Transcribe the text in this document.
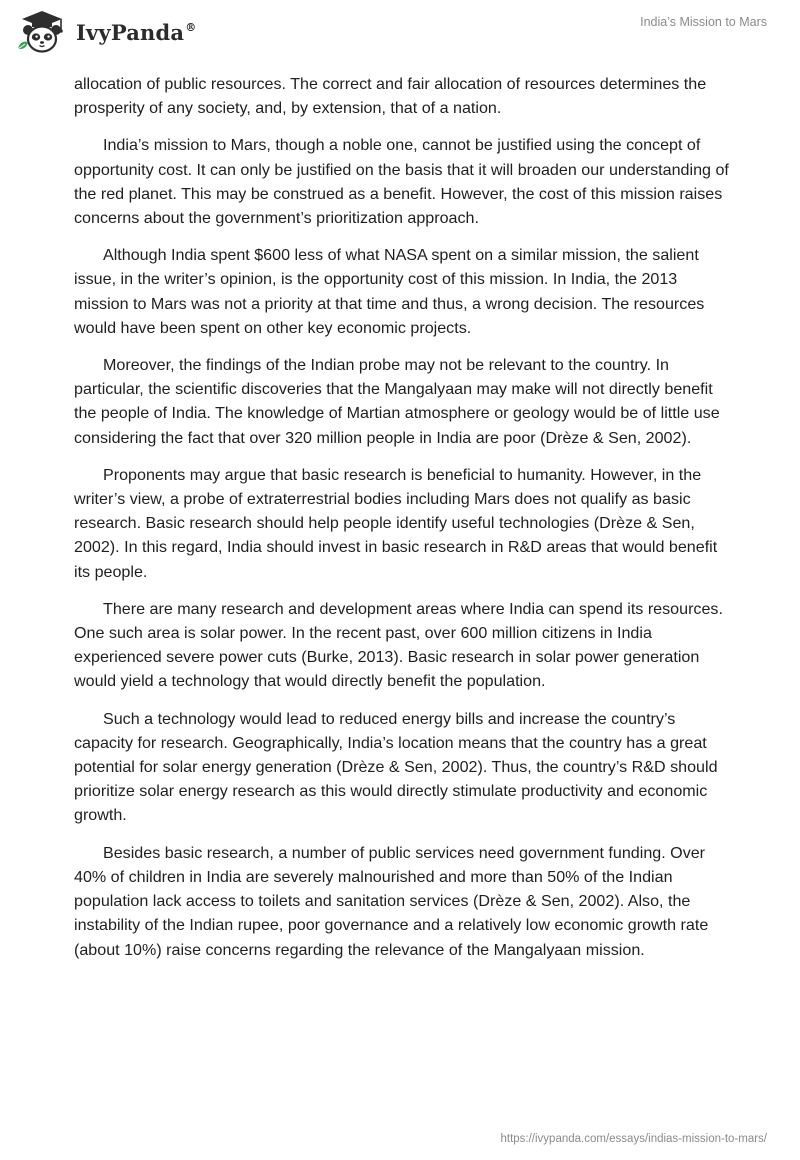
IvyPanda®	India’s Mission to Mars

allocation of public resources. The correct and fair allocation of resources determines the prosperity of any society, and, by extension, that of a nation.

India’s mission to Mars, though a noble one, cannot be justified using the concept of opportunity cost. It can only be justified on the basis that it will broaden our understanding of the red planet. This may be construed as a benefit. However, the cost of this mission raises concerns about the government’s prioritization approach.

Although India spent $600 less of what NASA spent on a similar mission, the salient issue, in the writer’s opinion, is the opportunity cost of this mission. In India, the 2013 mission to Mars was not a priority at that time and thus, a wrong decision. The resources would have been spent on other key economic projects.

Moreover, the findings of the Indian probe may not be relevant to the country. In particular, the scientific discoveries that the Mangalyaan may make will not directly benefit the people of India. The knowledge of Martian atmosphere or geology would be of little use considering the fact that over 320 million people in India are poor (Drèze & Sen, 2002).

Proponents may argue that basic research is beneficial to humanity. However, in the writer’s view, a probe of extraterrestrial bodies including Mars does not qualify as basic research. Basic research should help people identify useful technologies (Drèze & Sen, 2002). In this regard, India should invest in basic research in R&D areas that would benefit its people.

There are many research and development areas where India can spend its resources. One such area is solar power. In the recent past, over 600 million citizens in India experienced severe power cuts (Burke, 2013). Basic research in solar power generation would yield a technology that would directly benefit the population.

Such a technology would lead to reduced energy bills and increase the country’s capacity for research. Geographically, India’s location means that the country has a great potential for solar energy generation (Drèze & Sen, 2002). Thus, the country’s R&D should prioritize solar energy research as this would directly stimulate productivity and economic growth.

Besides basic research, a number of public services need government funding. Over 40% of children in India are severely malnourished and more than 50% of the Indian population lack access to toilets and sanitation services (Drèze & Sen, 2002). Also, the instability of the Indian rupee, poor governance and a relatively low economic growth rate (about 10%) raise concerns regarding the relevance of the Mangalyaan mission.

https://ivypanda.com/essays/indias-mission-to-mars/
